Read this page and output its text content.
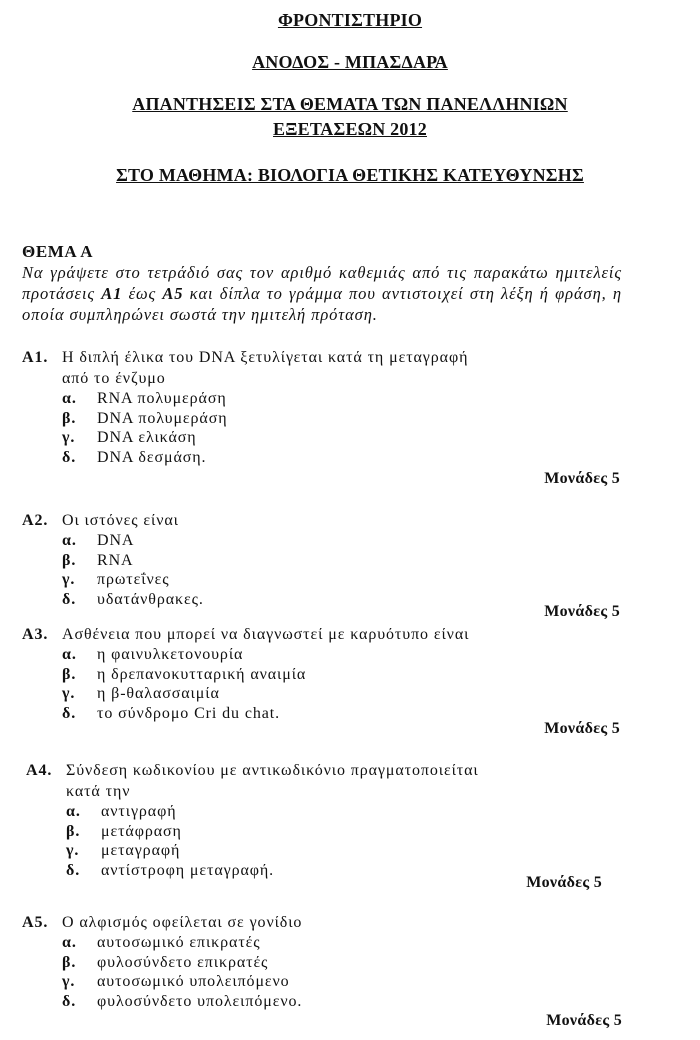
ΦΡΟΝΤΙΣΤΗΡΙΟ
ΑΝΟΔΟΣ - ΜΠΑΣΔΑΡΑ
ΑΠΑΝΤΗΣΕΙΣ ΣΤΑ ΘΕΜΑΤΑ ΤΩΝ ΠΑΝΕΛΛΗΝΙΩΝ
ΕΞΕΤΑΣΕΩΝ 2012
ΣΤΟ ΜΑΘΗΜΑ: ΒΙΟΛΟΓΙΑ ΘΕΤΙΚΗΣ ΚΑΤΕΥΘΥΝΣΗΣ
ΘΕΜΑ Α
Να γράψετε στο τετράδιό σας τον αριθμό καθεμιάς από τις παρακάτω ημιτελείς προτάσεις Α1 έως Α5 και δίπλα το γράμμα που αντιστοιχεί στη λέξη ή φράση, η οποία συμπληρώνει σωστά την ημιτελή πρόταση.
Α1. Η διπλή έλικα του DNA ξετυλίγεται κατά τη μεταγραφή
από το ένζυμο
α.	RNA πολυμεράση
β.	DNA πολυμεράση
γ.	DNA ελικάση
δ.	DNA δεσμάση.
Μονάδες 5
Α2. Οι ιστόνες είναι
α.	DNA
β.	RNA
γ.	πρωτεΐνες
δ.	υδατάνθρακες.
Μονάδες 5
Α3. Ασθένεια που μπορεί να διαγνωστεί με καρυότυπο είναι
α.	η φαινυλκετονουρία
β.	η δρεπανοκυτταρική αναιμία
γ.	η β-θαλασσαιμία
δ.	το σύνδρομο Cri du chat.
Μονάδες 5
Α4. Σύνδεση κωδικονίου με αντικωδικόνιο πραγματοποιείται
κατά την
α.	αντιγραφή
β.	μετάφραση
γ.	μεταγραφή
δ.	αντίστροφη μεταγραφή.
Μονάδες 5
Α5. Ο αλφισμός οφείλεται σε γονίδιο
α.	αυτοσωμικό επικρατές
β.	φυλοσύνδετο επικρατές
γ.	αυτοσωμικό υπολειπόμενο
δ.	φυλοσύνδετο υπολειπόμενο.
Μονάδες 5
